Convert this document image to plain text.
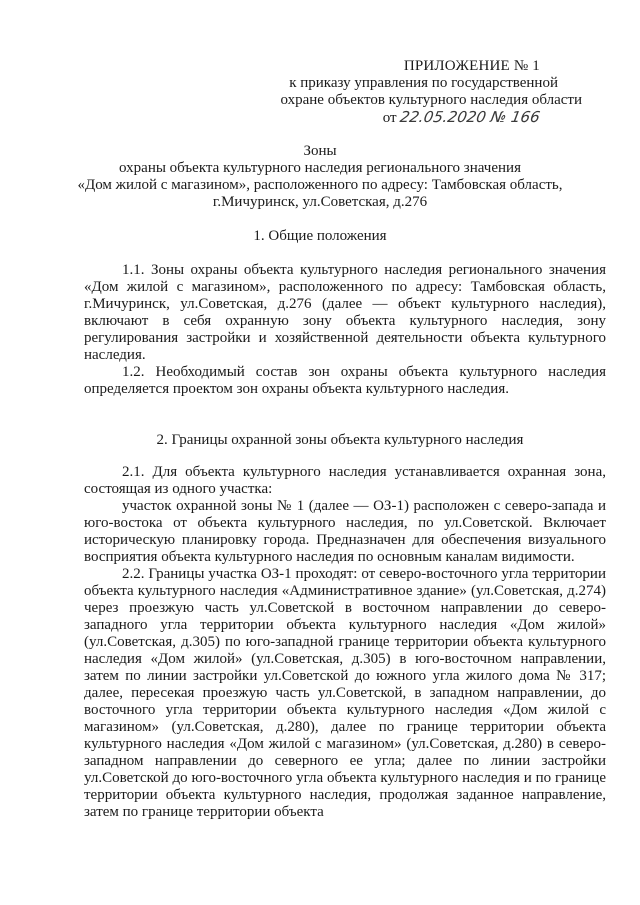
ПРИЛОЖЕНИЕ № 1
к приказу управления по государственной
охране объектов культурного наследия области
от 22.05.2020 № 166
Зоны
охраны объекта культурного наследия регионального значения
«Дом жилой с магазином», расположенного по адресу: Тамбовская область,
г.Мичуринск, ул.Советская, д.276
1. Общие положения

1.1. Зоны охраны объекта культурного наследия регионального значения «Дом жилой с магазином», расположенного по адресу: Тамбовская область, г.Мичуринск, ул.Советская, д.276 (далее — объект культурного наследия), включают в себя охранную зону объекта культурного наследия, зону регулирования застройки и хозяйственной деятельности объекта культурного наследия.

1.2. Необходимый состав зон охраны объекта культурного наследия определяется проектом зон охраны объекта культурного наследия.

2. Границы охранной зоны объекта культурного наследия

2.1. Для объекта культурного наследия устанавливается охранная зона, состоящая из одного участка:

участок охранной зоны № 1 (далее — ОЗ-1) расположен с северо-запада и юго-востока от объекта культурного наследия, по ул.Советской. Включает историческую планировку города. Предназначен для обеспечения визуального восприятия объекта культурного наследия по основным каналам видимости.

2.2. Границы участка ОЗ-1 проходят: от северо-восточного угла территории объекта культурного наследия «Административное здание» (ул.Советская, д.274) через проезжую часть ул.Советской в восточном направлении до северо-западного угла территории объекта культурного наследия «Дом жилой» (ул.Советская, д.305) по юго-западной границе территории объекта культурного наследия «Дом жилой» (ул.Советская, д.305) в юго-восточном направлении, затем по линии застройки ул.Советской до южного угла жилого дома № 317; далее, пересекая проезжую часть ул.Советской, в западном направлении, до восточного угла территории объекта культурного наследия «Дом жилой с магазином» (ул.Советская, д.280), далее по границе территории объекта культурного наследия «Дом жилой с магазином» (ул.Советская, д.280) в северо-западном направлении до северного ее угла; далее по линии застройки ул.Советской до юго-восточного угла объекта культурного наследия и по границе территории объекта культурного наследия, продолжая заданное направление, затем по границе территории объекта
